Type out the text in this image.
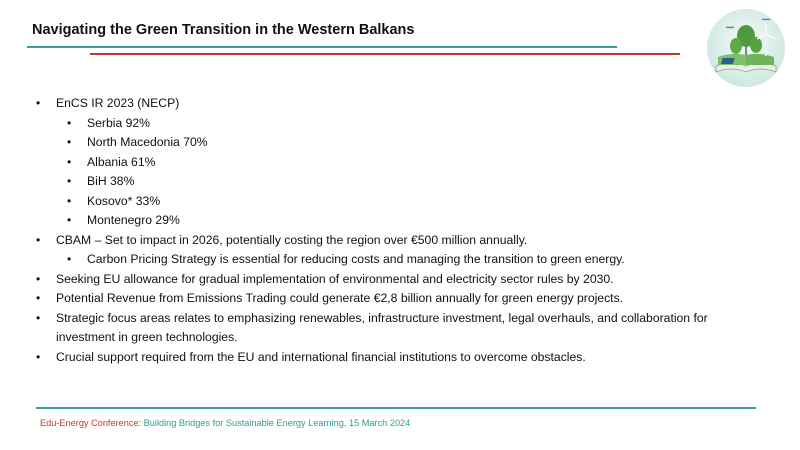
Navigating the Green Transition in the Western Balkans
• EnCS IR 2023 (NECP)
• Serbia 92%
• North Macedonia 70%
• Albania 61%
• BiH 38%
• Kosovo* 33%
• Montenegro 29%
• CBAM – Set to impact in 2026, potentially costing the region over €500 million annually.
• Carbon Pricing Strategy is essential for reducing costs and managing the transition to green energy.
• Seeking EU allowance for gradual implementation of environmental and electricity sector rules by 2030.
• Potential Revenue from Emissions Trading could generate €2,8 billion annually for green energy projects.
• Strategic focus areas relates to emphasizing renewables, infrastructure investment, legal overhauls, and collaboration for investment in green technologies.
• Crucial support required from the EU and international financial institutions to overcome obstacles.
Edu-Energy Conference: Building Bridges for Sustainable Energy Learning, 15 March 2024
